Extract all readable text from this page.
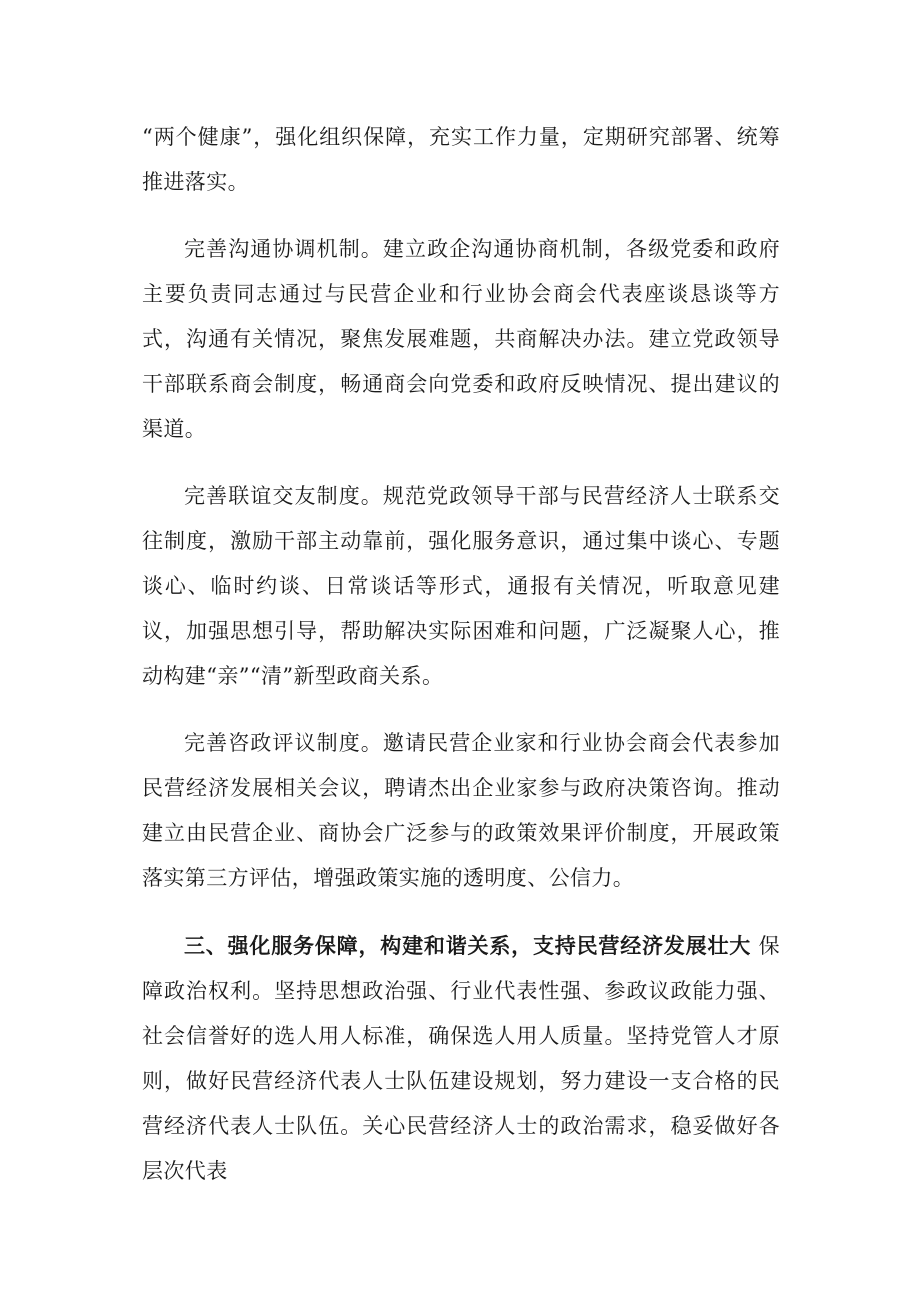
“两个健康”，强化组织保障，充实工作力量，定期研究部署、统筹推进落实。

完善沟通协调机制。建立政企沟通协商机制，各级党委和政府主要负责同志通过与民营企业和行业协会商会代表座谈恳谈等方式，沟通有关情况，聚焦发展难题，共商解决办法。建立党政领导干部联系商会制度，畅通商会向党委和政府反映情况、提出建议的渠道。

完善联谊交友制度。规范党政领导干部与民营经济人士联系交往制度，激励干部主动靠前，强化服务意识，通过集中谈心、专题谈心、临时约谈、日常谈话等形式，通报有关情况，听取意见建议，加强思想引导，帮助解决实际困难和问题，广泛凝聚人心，推动构建“亲”“清”新型政商关系。

完善咨政评议制度。邀请民营企业家和行业协会商会代表参加民营经济发展相关会议，聘请杰出企业家参与政府决策咨询。推动建立由民营企业、商协会广泛参与的政策效果评价制度，开展政策落实第三方评估，增强政策实施的透明度、公信力。

三、强化服务保障，构建和谐关系，支持民营经济发展壮大 保障政治权利。坚持思想政治强、行业代表性强、参政议政能力强、社会信誉好的选人用人标准，确保选人用人质量。坚持党管人才原则，做好民营经济代表人士队伍建设规划，努力建设一支合格的民营经济代表人士队伍。关心民营经济人士的政治需求，稳妥做好各层次代表
